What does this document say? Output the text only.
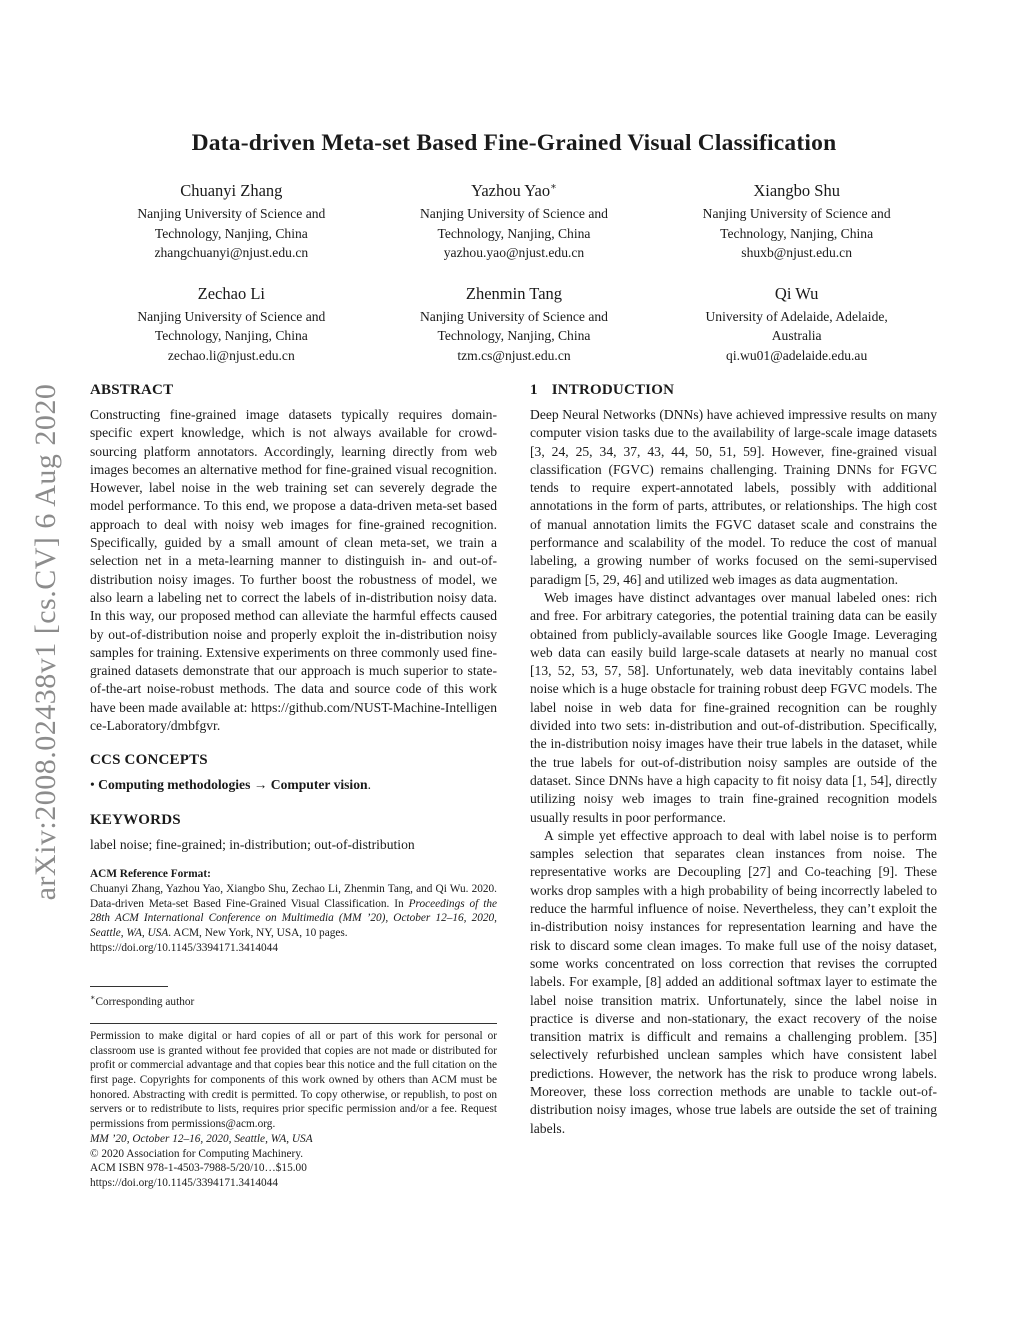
arXiv:2008.02438v1 [cs.CV] 6 Aug 2020
Data-driven Meta-set Based Fine-Grained Visual Classification
Chuanyi Zhang
Nanjing University of Science and
Technology, Nanjing, China
zhangchuanyi@njust.edu.cn
Yazhou Yao∗
Nanjing University of Science and
Technology, Nanjing, China
yazhou.yao@njust.edu.cn
Xiangbo Shu
Nanjing University of Science and
Technology, Nanjing, China
shuxb@njust.edu.cn
Zechao Li
Nanjing University of Science and
Technology, Nanjing, China
zechao.li@njust.edu.cn
Zhenmin Tang
Nanjing University of Science and
Technology, Nanjing, China
tzm.cs@njust.edu.cn
Qi Wu
University of Adelaide, Adelaide,
Australia
qi.wu01@adelaide.edu.au
ABSTRACT
Constructing fine-grained image datasets typically requires domain-specific expert knowledge, which is not always available for crowd-sourcing platform annotators. Accordingly, learning directly from web images becomes an alternative method for fine-grained visual recognition. However, label noise in the web training set can severely degrade the model performance. To this end, we propose a data-driven meta-set based approach to deal with noisy web images for fine-grained recognition. Specifically, guided by a small amount of clean meta-set, we train a selection net in a meta-learning manner to distinguish in- and out-of-distribution noisy images. To further boost the robustness of model, we also learn a labeling net to correct the labels of in-distribution noisy data. In this way, our proposed method can alleviate the harmful effects caused by out-of-distribution noise and properly exploit the in-distribution noisy samples for training. Extensive experiments on three commonly used fine-grained datasets demonstrate that our approach is much superior to state-of-the-art noise-robust methods. The data and source code of this work have been made available at: https://github.com/NUST-Machine-Intelligence-Laboratory/dmbfgvr.
CCS CONCEPTS
• Computing methodologies → Computer vision.
KEYWORDS
label noise; fine-grained; in-distribution; out-of-distribution
ACM Reference Format:
Chuanyi Zhang, Yazhou Yao, Xiangbo Shu, Zechao Li, Zhenmin Tang, and Qi Wu. 2020. Data-driven Meta-set Based Fine-Grained Visual Classification. In Proceedings of the 28th ACM International Conference on Multimedia (MM ’20), October 12–16, 2020, Seattle, WA, USA. ACM, New York, NY, USA, 10 pages.
https://doi.org/10.1145/3394171.3414044
∗Corresponding author
Permission to make digital or hard copies of all or part of this work for personal or classroom use is granted without fee provided that copies are not made or distributed for profit or commercial advantage and that copies bear this notice and the full citation on the first page. Copyrights for components of this work owned by others than ACM must be honored. Abstracting with credit is permitted. To copy otherwise, or republish, to post on servers or to redistribute to lists, requires prior specific permission and/or a fee. Request permissions from permissions@acm.org.
MM ’20, October 12–16, 2020, Seattle, WA, USA
© 2020 Association for Computing Machinery.
ACM ISBN 978-1-4503-7988-5/20/10…$15.00
https://doi.org/10.1145/3394171.3414044
1 INTRODUCTION
Deep Neural Networks (DNNs) have achieved impressive results on many computer vision tasks due to the availability of large-scale image datasets [3, 24, 25, 34, 37, 43, 44, 50, 51, 59]. However, fine-grained visual classification (FGVC) remains challenging. Training DNNs for FGVC tends to require expert-annotated labels, possibly with additional annotations in the form of parts, attributes, or relationships. The high cost of manual annotation limits the FGVC dataset scale and constrains the performance and scalability of the model. To reduce the cost of manual labeling, a growing number of works focused on the semi-supervised paradigm [5, 29, 46] and utilized web images as data augmentation.
Web images have distinct advantages over manual labeled ones: rich and free. For arbitrary categories, the potential training data can be easily obtained from publicly-available sources like Google Image. Leveraging web data can easily build large-scale datasets at nearly no manual cost [13, 52, 53, 57, 58]. Unfortunately, web data inevitably contains label noise which is a huge obstacle for training robust deep FGVC models. The label noise in web data for fine-grained recognition can be roughly divided into two sets: in-distribution and out-of-distribution. Specifically, the in-distribution noisy images have their true labels in the dataset, while the true labels for out-of-distribution noisy samples are outside of the dataset. Since DNNs have a high capacity to fit noisy data [1, 54], directly utilizing noisy web images to train fine-grained recognition models usually results in poor performance.
A simple yet effective approach to deal with label noise is to perform samples selection that separates clean instances from noise. The representative works are Decoupling [27] and Co-teaching [9]. These works drop samples with a high probability of being incorrectly labeled to reduce the harmful influence of noise. Nevertheless, they can’t exploit the in-distribution noisy instances for representation learning and have the risk to discard some clean images. To make full use of the noisy dataset, some works concentrated on loss correction that revises the corrupted labels. For example, [8] added an additional softmax layer to estimate the label noise transition matrix. Unfortunately, since the label noise in practice is diverse and non-stationary, the exact recovery of the noise transition matrix is difficult and remains a challenging problem. [35] selectively refurbished unclean samples which have consistent label predictions. However, the network has the risk to produce wrong labels. Moreover, these loss correction methods are unable to tackle out-of-distribution noisy images, whose true labels are outside the set of training labels.
